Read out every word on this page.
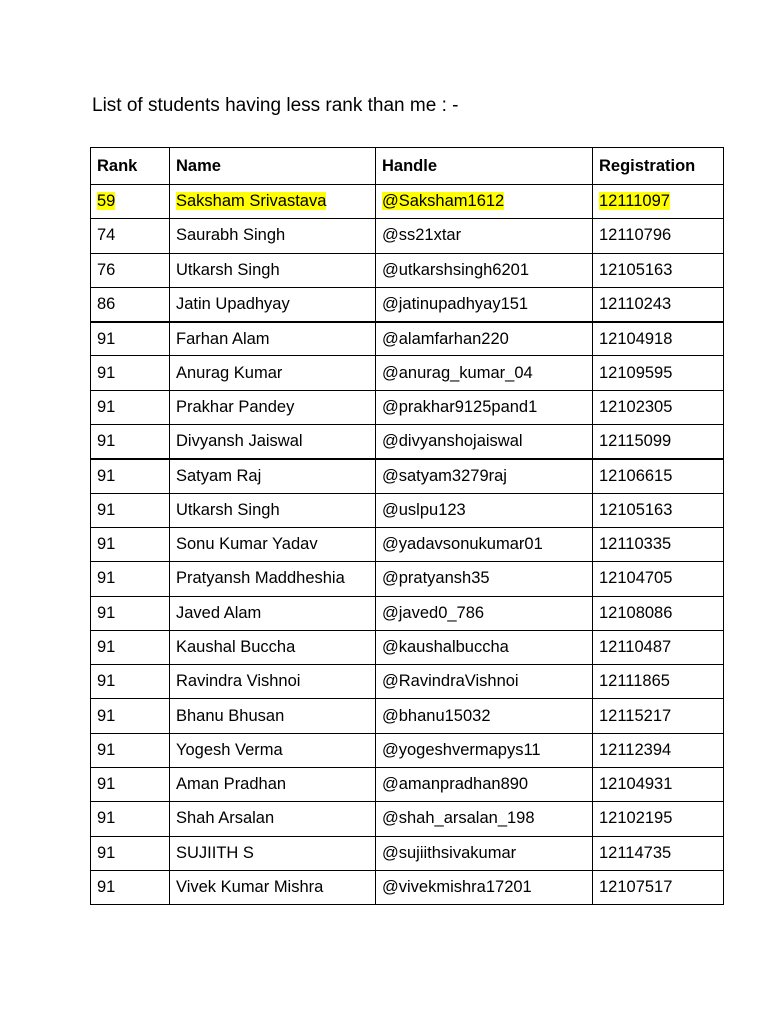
List of students having less rank than me : -
Rank	Name	Handle	Registration
59	Saksham Srivastava	@Saksham1612	12111097
74	Saurabh Singh	@ss21xtar	12110796
76	Utkarsh Singh	@utkarshsingh6201	12105163
86	Jatin Upadhyay	@jatinupadhyay151	12110243
91	Farhan Alam	@alamfarhan220	12104918
91	Anurag Kumar	@anurag_kumar_04	12109595
91	Prakhar Pandey	@prakhar9125pand1	12102305
91	Divyansh Jaiswal	@divyanshojaiswal	12115099
91	Satyam Raj	@satyam3279raj	12106615
91	Utkarsh Singh	@uslpu123	12105163
91	Sonu Kumar Yadav	@yadavsonukumar01	12110335
91	Pratyansh Maddheshia	@pratyansh35	12104705
91	Javed Alam	@javed0_786	12108086
91	Kaushal Buccha	@kaushalbuccha	12110487
91	Ravindra Vishnoi	@RavindraVishnoi	12111865
91	Bhanu Bhusan	@bhanu15032	12115217
91	Yogesh Verma	@yogeshvermapys11	12112394
91	Aman Pradhan	@amanpradhan890	12104931
91	Shah Arsalan	@shah_arsalan_198	12102195
91	SUJIITH S	@sujiithsivakumar	12114735
91	Vivek Kumar Mishra	@vivekmishra17201	12107517
